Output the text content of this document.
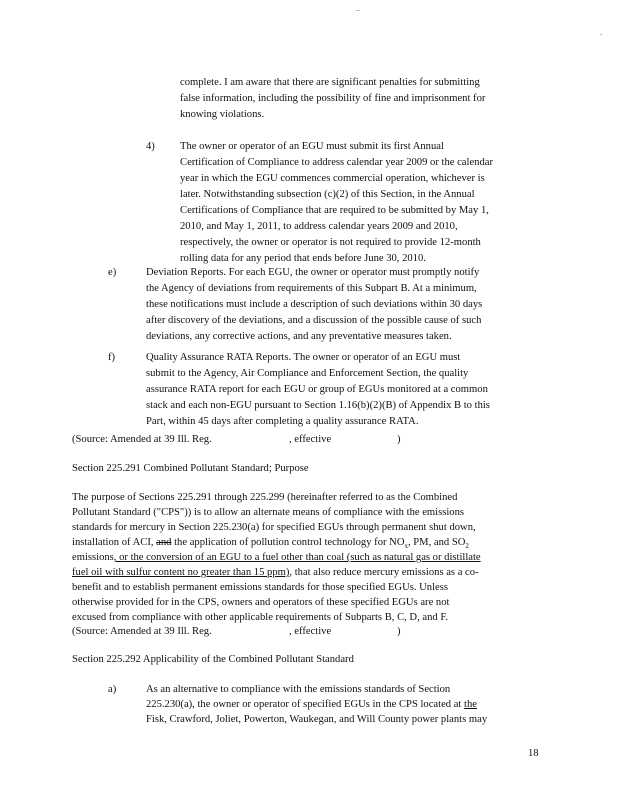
..
.
complete. I am aware that there are significant penalties for submitting
false information, including the possibility of fine and imprisonment for
knowing violations.
4) The owner or operator of an EGU must submit its first Annual
Certification of Compliance to address calendar year 2009 or the calendar
year in which the EGU commences commercial operation, whichever is
later. Notwithstanding subsection (c)(2) of this Section, in the Annual
Certifications of Compliance that are required to be submitted by May 1,
2010, and May 1, 2011, to address calendar years 2009 and 2010,
respectively, the owner or operator is not required to provide 12-month
rolling data for any period that ends before June 30, 2010.
e)	Deviation Reports. For each EGU, the owner or operator must promptly notify
the Agency of deviations from requirements of this Subpart B. At a minimum,
these notifications must include a description of such deviations within 30 days
after discovery of the deviations, and a discussion of the possible cause of such
deviations, any corrective actions, and any preventative measures taken.
f)	Quality Assurance RATA Reports. The owner or operator of an EGU must
submit to the Agency, Air Compliance and Enforcement Section, the quality
assurance RATA report for each EGU or group of EGUs monitored at a common
stack and each non-EGU pursuant to Section 1.16(b)(2)(B) of Appendix B to this
Part, within 45 days after completing a quality assurance RATA.
(Source: Amended at 39 Ill. Reg.	, effective	)
Section 225.291 Combined Pollutant Standard; Purpose
The purpose of Sections 225.291 through 225.299 (hereinafter referred to as the Combined
Pollutant Standard ("CPS")) is to allow an alternate means of compliance with the emissions
standards for mercury in Section 225.230(a) for specified EGUs through permanent shut down,
installation of ACI, and the application of pollution control technology for $NO_x$, PM, and $SO_2$
emissions, or the conversion of an EGU to a fuel other than coal (such as natural gas or distillate
fuel oil with sulfur content no greater than 15 ppm), that also reduce mercury emissions as a co-
benefit and to establish permanent emissions standards for those specified EGUs. Unless
otherwise provided for in the CPS, owners and operators of these specified EGUs are not
excused from compliance with other applicable requirements of Subparts B, C, D, and F.
(Source: Amended at 39 Ill. Reg.	, effective	)
Section 225.292 Applicability of the Combined Pollutant Standard
a)	As an alternative to compliance with the emissions standards of Section
225.230(a), the owner or operator of specified EGUs in the CPS located at the
Fisk, Crawford, Joliet, Powerton, Waukegan, and Will County power plants may
18
